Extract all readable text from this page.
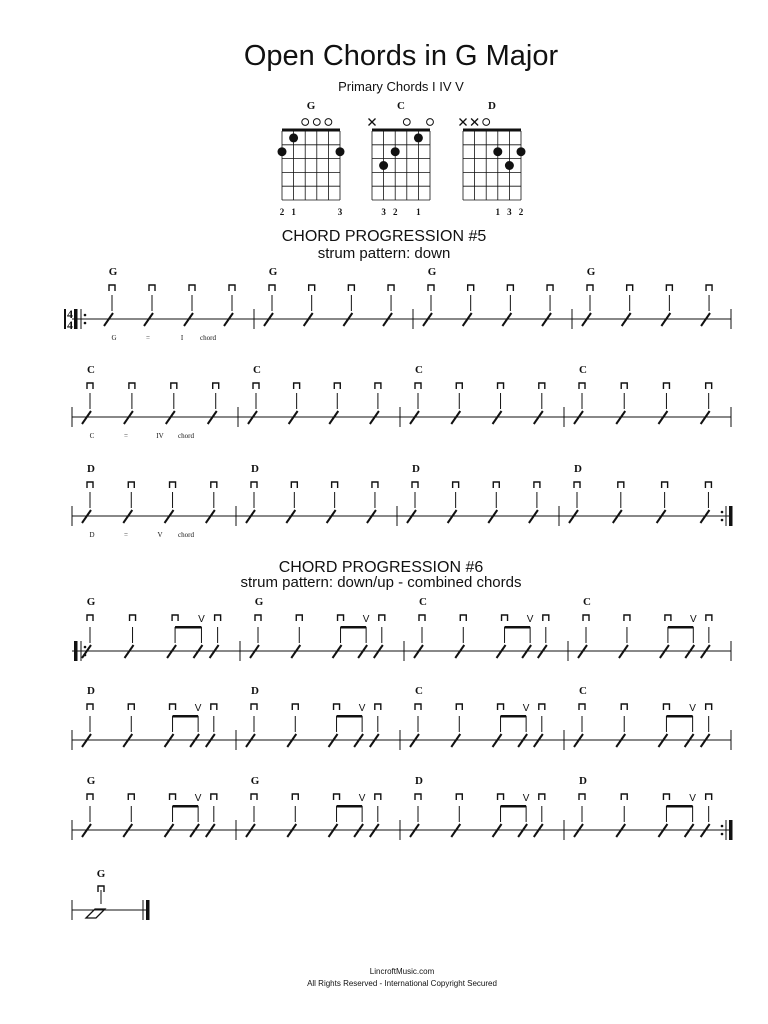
Open Chords in G Major
Primary Chords I IV V
G
2 1	3
C
3 2 1
D
1 3 2
CHORD PROGRESSION #5
strum pattern: down
CHORD PROGRESSION #6
strum pattern: down/up - combined chords
4
4
G	G	G	G
G	=	I chord
C	C	C	C
C	=	IV chord
D	D	D	D
D	=	V chord
G
V
G
V
C
V
C
V
D
V
D
V
C
V
C
V
G
V
G
V
D
V
D
V
G
LincroftMusic.com
All Rights Reserved - International Copyright Secured
